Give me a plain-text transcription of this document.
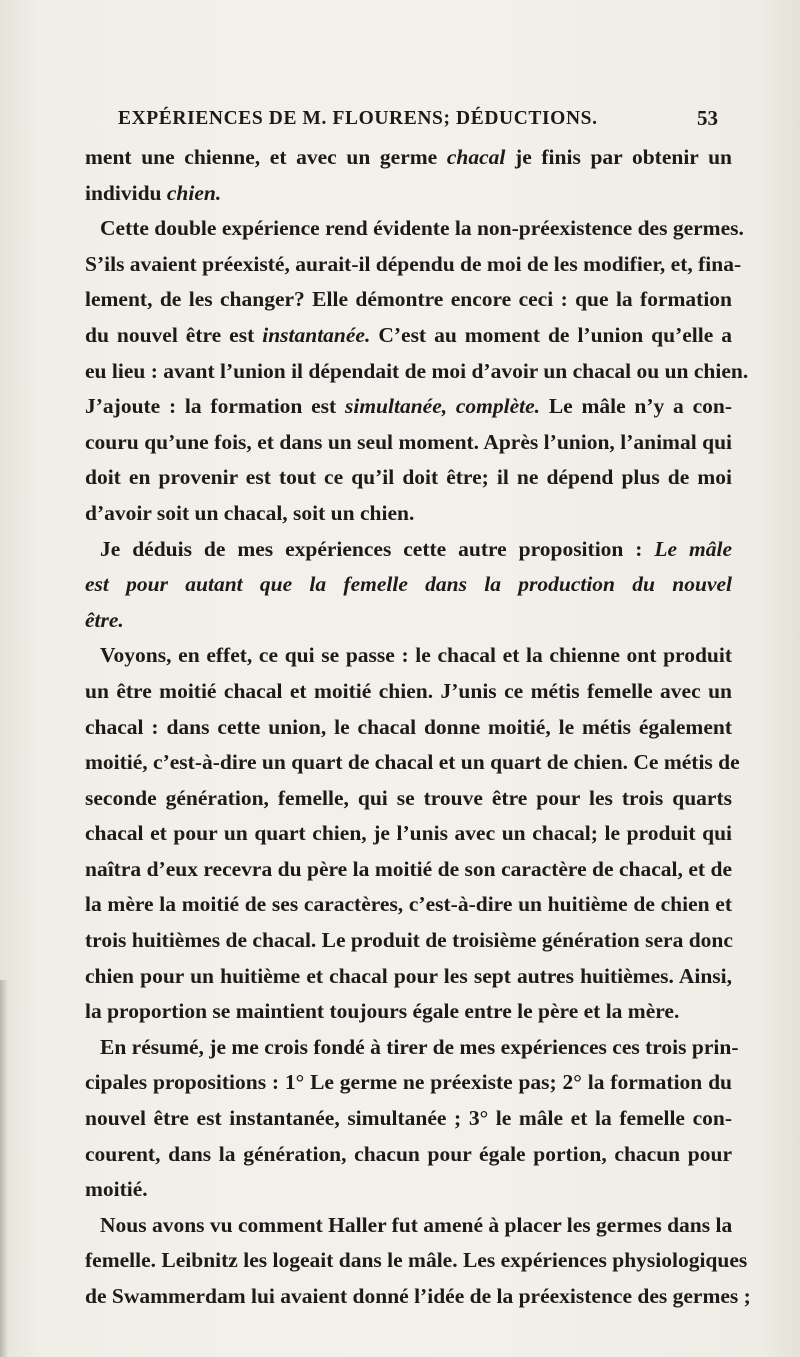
EXPÉRIENCES DE M. FLOURENS; DÉDUCTIONS.	53
ment une chienne, et avec un germe chacal je finis par obtenir un
individu chien.
Cette double expérience rend évidente la non-préexistence des germes.
S’ils avaient préexisté, aurait-il dépendu de moi de les modifier, et, fina-
lement, de les changer? Elle démontre encore ceci : que la formation
du nouvel être est instantanée. C’est au moment de l’union qu’elle a
eu lieu : avant l’union il dépendait de moi d’avoir un chacal ou un chien.
J’ajoute : la formation est simultanée, complète. Le mâle n’y a con-
couru qu’une fois, et dans un seul moment. Après l’union, l’animal qui
doit en provenir est tout ce qu’il doit être; il ne dépend plus de moi
d’avoir soit un chacal, soit un chien.
Je déduis de mes expériences cette autre proposition : Le mâle
est pour autant que la femelle dans la production du nouvel
être.
Voyons, en effet, ce qui se passe : le chacal et la chienne ont produit
un être moitié chacal et moitié chien. J’unis ce métis femelle avec un
chacal : dans cette union, le chacal donne moitié, le métis également
moitié, c’est-à-dire un quart de chacal et un quart de chien. Ce métis de
seconde génération, femelle, qui se trouve être pour les trois quarts
chacal et pour un quart chien, je l’unis avec un chacal; le produit qui
naîtra d’eux recevra du père la moitié de son caractère de chacal, et de
la mère la moitié de ses caractères, c’est-à-dire un huitième de chien et
trois huitièmes de chacal. Le produit de troisième génération sera donc
chien pour un huitième et chacal pour les sept autres huitièmes. Ainsi,
la proportion se maintient toujours égale entre le père et la mère.
En résumé, je me crois fondé à tirer de mes expériences ces trois prin-
cipales propositions : 1° Le germe ne préexiste pas; 2° la formation du
nouvel être est instantanée, simultanée ; 3° le mâle et la femelle con-
courent, dans la génération, chacun pour égale portion, chacun pour
moitié.
Nous avons vu comment Haller fut amené à placer les germes dans la
femelle. Leibnitz les logeait dans le mâle. Les expériences physiologiques
de Swammerdam lui avaient donné l’idée de la préexistence des germes ;
